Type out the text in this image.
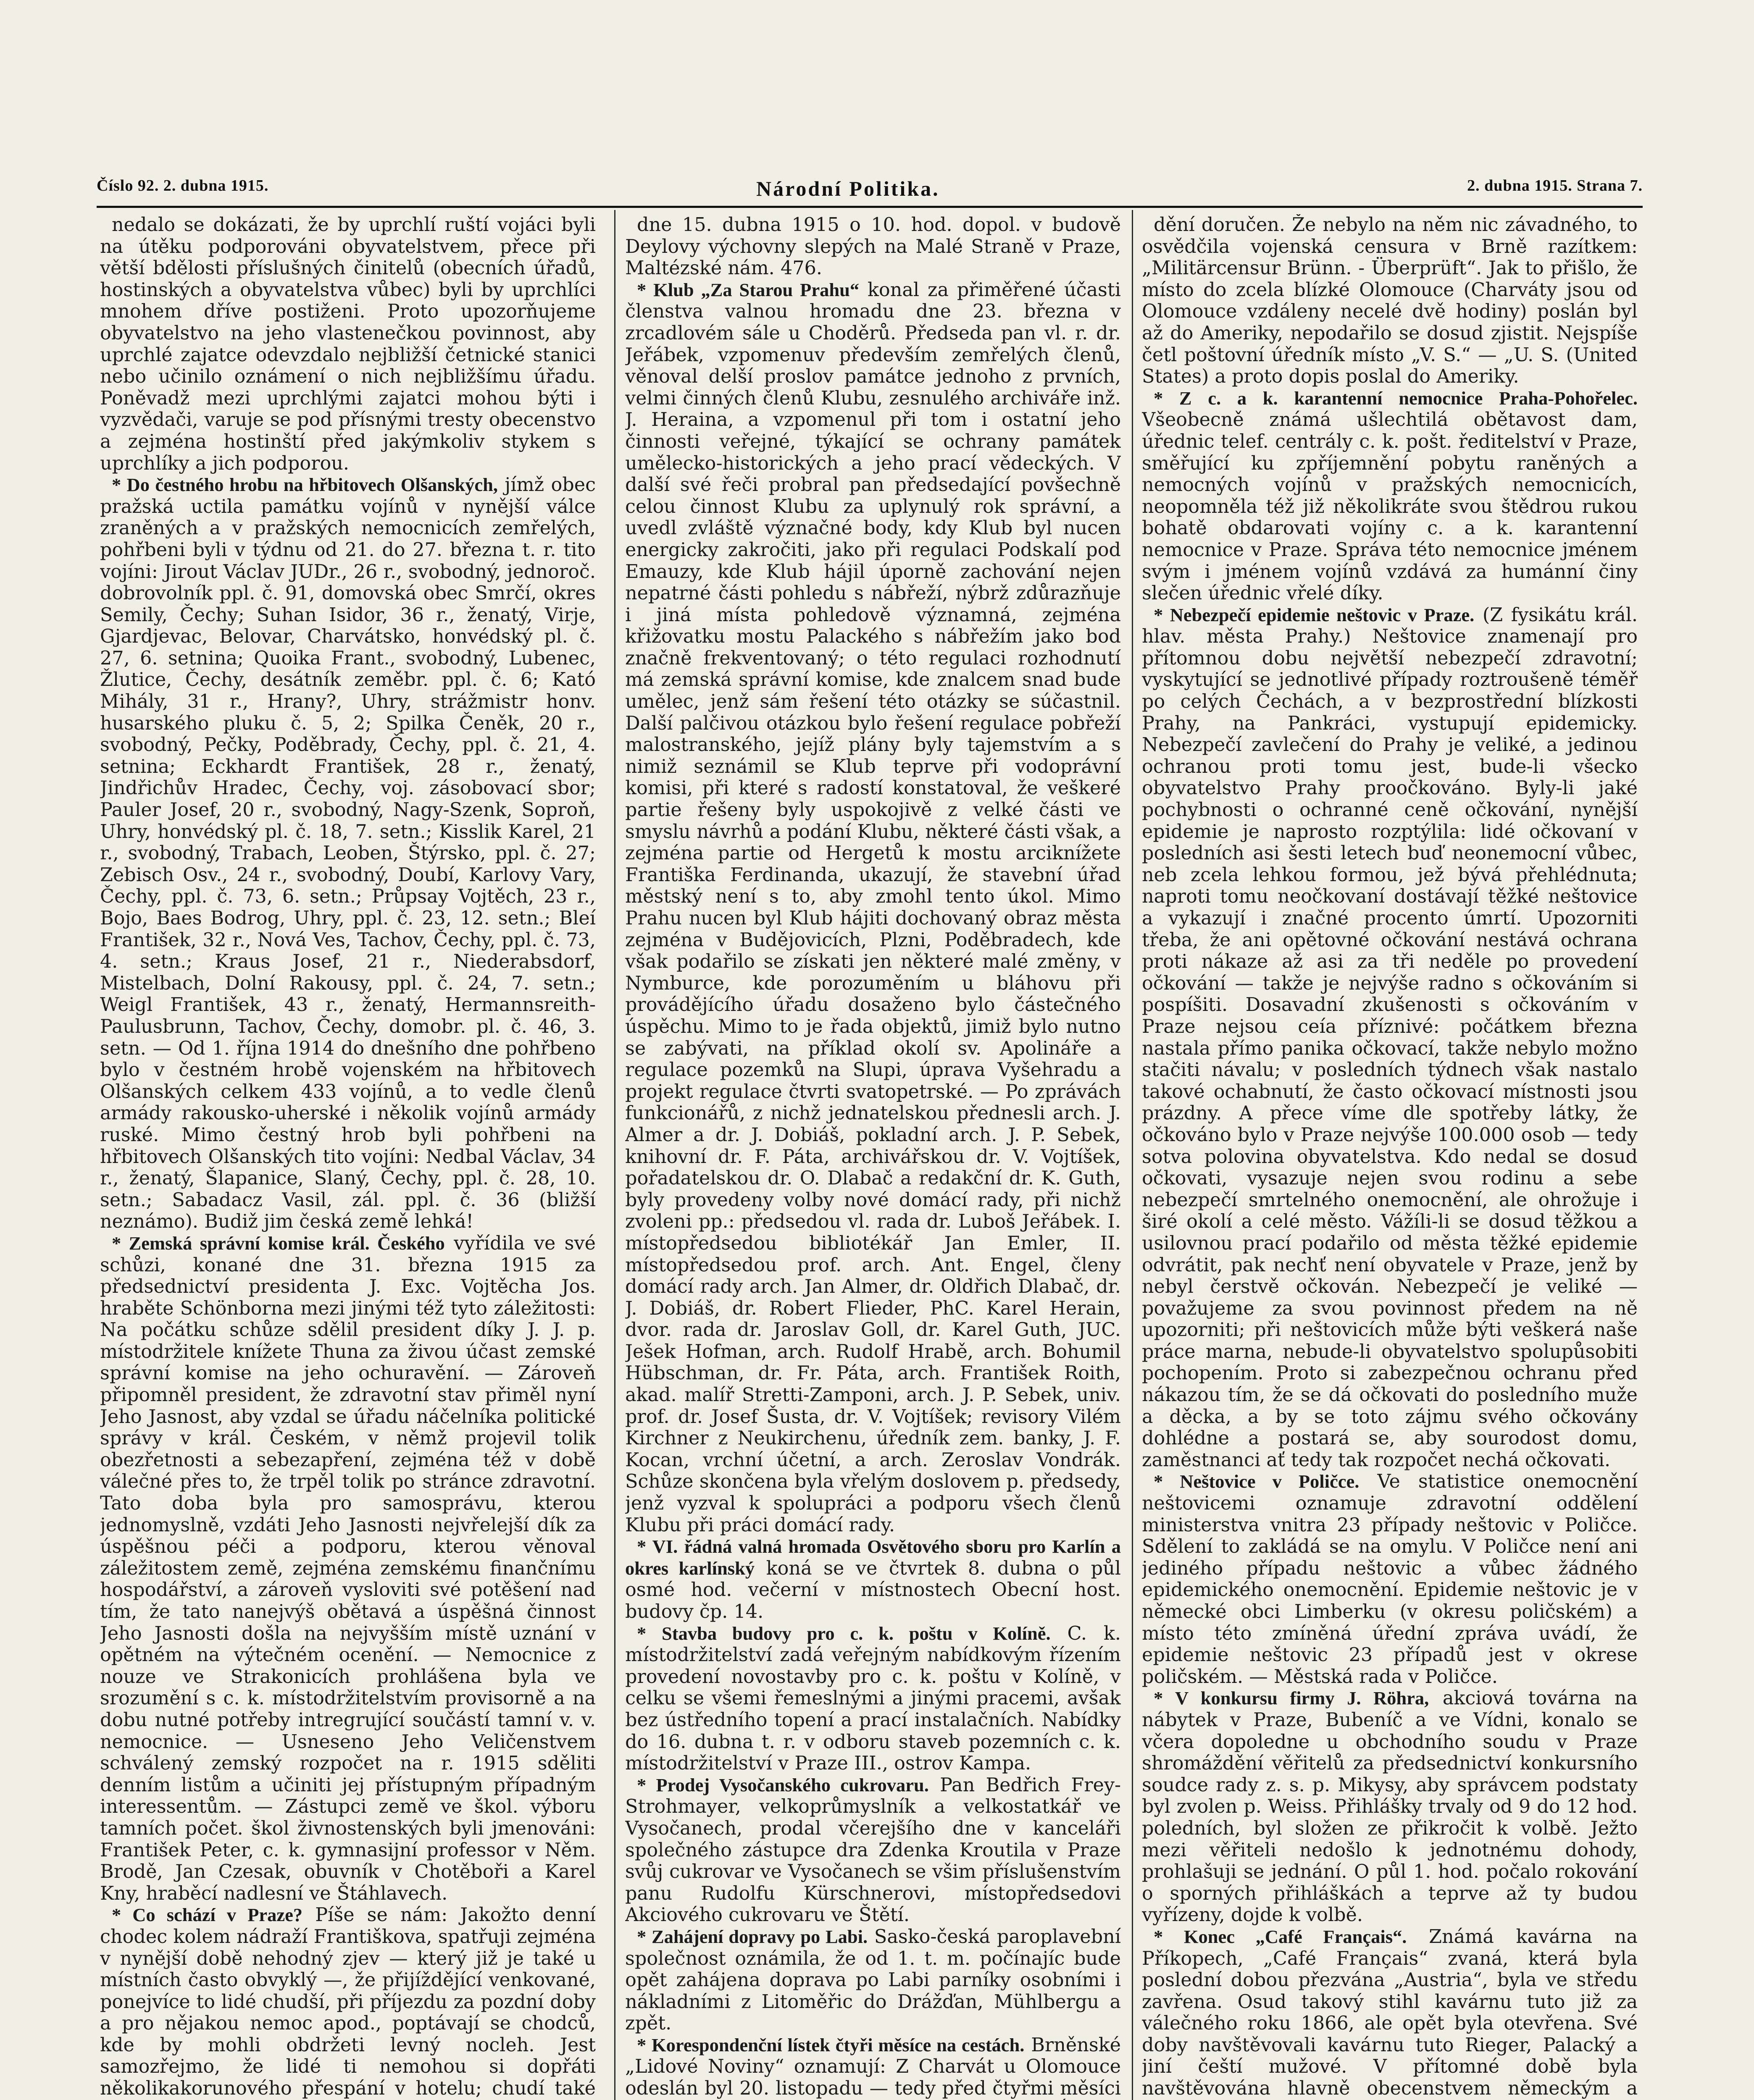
Číslo 92. 2. dubna 1915.	Národní Politika.	2. dubna 1915. Strana 7.

nedalo se dokázati, že by uprchlí ruští vojáci byli na útěku podporováni obyvatelstvem, přece při větší bdělosti příslušných činitelů (obecních úřadů, hostinských a obyvatelstva vůbec) byli by uprchlíci mnohem dříve postiženi. Proto upozorňujeme obyvatelstvo na jeho vlastenečkou povinnost, aby uprchlé zajatce odevzdalo nejbližší četnické stanici nebo učinilo oznámení o nich nejbližšímu úřadu. Poněvadž mezi uprchlými zajatci mohou býti i vyzvědači, varuje se pod přísnými tresty obecenstvo a zejména hostinští před jakýmkoliv stykem s uprchlíky a jich podporou.

* Do čestného hrobu na hřbitovech Olšanských, jímž obec pražská uctila památku vojínů v nynější válce zraněných a v pražských nemocnicích zemřelých, pohřbeni byli v týdnu od 21. do 27. března t. r. tito vojíni: Jirout Václav JUDr., 26 r., svobodný, jednoroč. dobrovolník ppl. č. 91, domovská obec Smrčí, okres Semily, Čechy; Suhan Isidor, 36 r., ženatý, Virje, Gjardjevac, Belovar, Charvátsko, honvédský pl. č. 27, 6. setnina; Quoika Frant., svobodný, Lubenec, Žlutice, Čechy, desátník zeměbr. ppl. č. 6; Kató Mihály, 31 r., Hrany?, Uhry, strážmistr honv. husarského pluku č. 5, 2; Spilka Čeněk, 20 r., svobodný, Pečky, Poděbrady, Čechy, ppl. č. 21, 4. setnina; Eckhardt František, 28 r., ženatý, Jindřichův Hradec, Čechy, voj. zásobovací sbor; Pauler Josef, 20 r., svobodný, Nagy-Szenk, Soproň, Uhry, honvédský pl. č. 18, 7. setn.; Kisslik Karel, 21 r., svobodný, Trabach, Leoben, Štýrsko, ppl. č. 27; Zebisch Osv., 24 r., svobodný, Doubí, Karlovy Vary, Čechy, ppl. č. 73, 6. setn.; Průpsay Vojtěch, 23 r., Bojo, Baes Bodrog, Uhry, ppl. č. 23, 12. setn.; Bleí František, 32 r., Nová Ves, Tachov, Čechy, ppl. č. 73, 4. setn.; Kraus Josef, 21 r., Niederabsdorf, Mistelbach, Dolní Rakousy, ppl. č. 24, 7. setn.; Weigl František, 43 r., ženatý, Hermannsreith-Paulusbrunn, Tachov, Čechy, domobr. pl. č. 46, 3. setn. — Od 1. října 1914 do dnešního dne pohřbeno bylo v čestném hrobě vojenském na hřbitovech Olšanských celkem 433 vojínů, a to vedle členů armády rakousko-uherské i několik vojínů armády ruské. Mimo čestný hrob byli pohřbeni na hřbitovech Olšanských tito vojíni: Nedbal Václav, 34 r., ženatý, Šlapanice, Slaný, Čechy, ppl. č. 28, 10. setn.; Sabadacz Vasil, zál. ppl. č. 36 (bližší neznámo). Budiž jim česká země lehká!

* Zemská správní komise král. Českého vyřídila ve své schůzi, konané dne 31. března 1915 za předsednictví presidenta J. Exc. Vojtěcha Jos. hraběte Schönborna mezi jinými též tyto záležitosti: Na počátku schůze sdělil president díky J. J. p. místodržitele knížete Thuna za živou účast zemské správní komise na jeho ochuravění. — Zároveň připomněl president, že zdravotní stav přiměl nyní Jeho Jasnost, aby vzdal se úřadu náčelníka politické správy v král. Českém, v němž projevil tolik obezřetnosti a sebezapření, zejména též v době válečné přes to, že trpěl tolik po stránce zdravotní. Tato doba byla pro samosprávu, kterou jednomyslně, vzdáti Jeho Jasnosti nejvřelejší dík za úspěšnou péči a podporu, kterou věnoval záležitostem země, zejména zemskému finančnímu hospodářství, a zároveň vysloviti své potěšení nad tím, že tato nanejvýš obětavá a úspěšná činnost Jeho Jasnosti došla na nejvyšším místě uznání v opětném na výtečném ocenění. — Nemocnice z nouze ve Strakonicích prohlášena byla ve srozumění s c. k. místodržitelstvím provisorně a na dobu nutné potřeby intregrující součástí tamní v. v. nemocnice. — Usneseno Jeho Veličenstvem schválený zemský rozpočet na r. 1915 sděliti denním listům a učiniti jej přístupným případným interessentům. — Zástupci země ve škol. výboru tamních počet. škol živnostenských byli jmenováni: František Peter, c. k. gymnasijní professor v Něm. Brodě, Jan Czesak, obuvník v Chotěboři a Karel Kny, hraběcí nadlesní ve Štáhlavech.

* Co schází v Praze? Píše se nám: Jakožto denní chodec kolem nádraží Františkova, spatřuji zejména v nynější době nehodný zjev — který již je také u místních často obvyklý —, že přijíždějící venkované, ponejvíce to lidé chudší, při příjezdu za pozdní doby a pro nějakou nemoc apod., poptávají se chodců, kde by mohli obdržeti levný nocleh. Jest samozřejmo, že lidé ti nemohou si dopřáti několikakorunového přespání v hotelu; chudí také

dne 15. dubna 1915 o 10. hod. dopol. v budově Deylovy výchovny slepých na Malé Straně v Praze, Maltézské nám. 476.

* Klub „Za Starou Prahu“ konal za přiměřené účasti členstva valnou hromadu dne 23. března v zrcadlovém sále u Choděrů. Předseda pan vl. r. dr. Jeřábek, vzpomenuv především zemřelých členů, věnoval delší proslov památce jednoho z prvních, velmi činných členů Klubu, zesnulého archiváře inž. J. Herainа, a vzpomenul při tom i ostatní jeho činnosti veřejné, týkající se ochrany památek umělecko-historických a jeho prací vědeckých. V další své řeči probral pan předsedající povšechně celou činnost Klubu za uplynulý rok správní, a uvedl zvláště význačné body, kdy Klub byl nucen energicky zakročiti, jako při regulaci Podskalí pod Emauzy, kde Klub hájil úporně zachování nejen nepatrné části pohledu s nábřeží, nýbrž zdůrazňuje i jiná místa pohledově významná, zejména křižovatku mostu Palackého s nábřežím jako bod značně frekventovaný; o této regulaci rozhodnutí má zemská správní komise, kde znalcem snad bude umělec, jenž sám řešení této otázky se súčastnil. Další palčivou otázkou bylo řešení regulace pobřeží malostranského, jejíž plány byly tajemstvím a s nimiž seznámil se Klub teprve při vodoprávní komisi, při které s radostí konstatoval, že veškeré partie řešeny byly uspokojivě z velké části ve smyslu návrhů a podání Klubu, některé části však, a zejména partie od Hergetů k mostu arciknížete Františka Ferdinanda, ukazují, že stavební úřad městský není s to, aby zmohl tento úkol. Mimo Prahu nucen byl Klub hájiti dochovaný obraz města zejména v Budějovicích, Plzni, Poděbradech, kde však podařilo se získati jen některé malé změny, v Nymburce, kde porozuměním u bláhovu při provádějícího úřadu dosaženo bylo částečného úspěchu. Mimo to je řada objektů, jimiž bylo nutno se zabývati, na příklad okolí sv. Apolináře a regulace pozemků na Slupi, úprava Vyšehradu a projekt regulace čtvrti svatopetrské. — Po zprávách funkcionářů, z nichž jednatelskou přednesli arch. J. Almer a dr. J. Dobiáš, pokladní arch. J. P. Sebek, knihovní dr. F. Páta, archivářskou dr. V. Vojtíšek, pořadatelskou dr. O. Dlabač a redakční dr. K. Guth, byly provedeny volby nové domácí rady, při nichž zvoleni pp.: předsedou vl. rada dr. Luboš Jeřábek. I. místopředsedou bibliotékář Jan Emler, II. místopředsedou prof. arch. Ant. Engel, členy domácí rady arch. Jan Almer, dr. Oldřich Dlabač, dr. J. Dobiáš, dr. Robert Flieder, PhC. Karel Herain, dvor. rada dr. Jaroslav Goll, dr. Karel Guth, JUC. Ješek Hofman, arch. Rudolf Hrabě, arch. Bohumil Hübschman, dr. Fr. Páta, arch. František Roith, akad. malíř Stretti-Zamponi, arch. J. P. Sebek, univ. prof. dr. Josef Šusta, dr. V. Vojtíšek; revisory Vilém Kirchner z Neukirchenu, úředník zem. banky, J. F. Kocan, vrchní účetní, a arch. Zeroslav Vondrák. Schůze skončena byla vřelým doslovem p. předsedy, jenž vyzval k spolupráci a podporu všech členů Klubu při práci domácí rady.

* VI. řádná valná hromada Osvětového sboru pro Karlín a okres karlínský koná se ve čtvrtek 8. dubna o půl osmé hod. večerní v místnostech Obecní host. budovy čp. 14.

* Stavba budovy pro c. k. poštu v Kolíně. C. k. místodržitelství zadá veřejným nabídkovým řízením provedení novostavby pro c. k. poštu v Kolíně, v celku se všemi řemeslnými a jinými pracemi, avšak bez ústředního topení a prací instalačních. Nabídky do 16. dubna t. r. v odboru staveb pozemních c. k. místodržitelství v Praze III., ostrov Kampa.

* Prodej Vysočanského cukrovaru. Pan Bedřich Frey-Strohmayer, velkoprůmyslník a velkostatkář ve Vysočanech, prodal včerejšího dne v kanceláři společného zástupce dra Zdenka Kroutila v Praze svůj cukrovar ve Vysočanech se všim příslušenstvím panu Rudolfu Kürschnerovi, místopředsedovi Akciového cukrovaru ve Štětí.

* Zahájení dopravy po Labi. Sasko-česká paroplavební společnost oznámila, že od 1. t. m. počínajíc bude opět zahájena doprava po Labi parníky osobními i nákladními z Litoměřic do Drážďan, Mühlbergu a zpět.

* Korespondenční lístek čtyři měsíce na cestách. Brněnské „Lidové Noviny“ oznamují: Z Charvát u Olomouce odeslán byl 20. listopadu — tedy před čtyřmi měsíci

dění doručen. Že nebylo na něm nic závadného, to osvědčila vojenská censura v Brně razítkem: „Militärcensur Brünn. - Überprüft“. Jak to přišlo, že místo do zcela blízké Olomouce (Charváty jsou od Olomouce vzdáleny necelé dvě hodiny) poslán byl až do Ameriky, nepodařilo se dosud zjistit. Nejspíše četl poštovní úředník místo „V. S.“ — „U. S. (United States) a proto dopis poslal do Ameriky.

* Z c. a k. karantenní nemocnice Praha-Pohořelec. Všeobecně známá ušlechtilá obětavost dam, úřednic telef. centrály c. k. pošt. ředitelství v Praze, směřující ku zpříjemnění pobytu raněných a nemocných vojínů v pražských nemocnicích, neopomněla též již několikráte svou štědrou rukou bohatě obdarovati vojíny c. a k. karantenní nemocnice v Praze. Správa této nemocnice jménem svým i jménem vojínů vzdává za humánní činy slečen úřednic vřelé díky.

* Nebezpečí epidemie neštovic v Praze. (Z fysikátu král. hlav. města Prahy.) Neštovice znamenají pro přítomnou dobu největší nebezpečí zdravotní; vyskytující se jednotlivé případy roztroušeně téměř po celých Čechách, a v bezprostřední blízkosti Prahy, na Pankráci, vystupují epidemicky. Nebezpečí zavlečení do Prahy je veliké, a jedinou ochranou proti tomu jest, bude-li všecko obyvatelstvo Prahy proočkováno. Byly-li jaké pochybnosti o ochranné ceně očkování, nynější epidemie je naprosto rozptýlila: lidé očkovaní v posledních asi šesti letech buď neonemocní vůbec, neb zcela lehkou formou, jež bývá přehlédnuta; naproti tomu neočkovaní dostávají těžké neštovice a vykazují i značné procento úmrtí. Upozorniti třeba, že ani opětovné očkování nestává ochrana proti nákaze až asi za tři neděle po provedení očkování — takže je nejvýše radno s očkováním si pospíšiti. Dosavadní zkušenosti s očkováním v Praze nejsou ceía příznivé: počátkem března nastala přímo panika očkovací, takže nebylo možno stačiti návalu; v posledních týdnech však nastalo takové ochabnutí, že často očkovací místnosti jsou prázdny. A přece víme dle spotřeby látky, že očkováno bylo v Praze nejvýše 100.000 osob — tedy sotva polovina obyvatelstva. Kdo nedal se dosud očkovati, vysazuje nejen svou rodinu a sebe nebezpečí smrtelného onemocnění, ale ohrožuje i širé okolí a celé město. Vážíli-li se dosud těžkou a usilovnou prací podařilo od města těžké epidemie odvrátit, pak nechť není obyvatele v Praze, jenž by nebyl čerstvě očkován. Nebezpečí je veliké — považujeme za svou povinnost předem na ně upozorniti; při neštovicích může býti veškerá naše práce marna, nebude-li obyvatelstvo spolupůsobiti pochopením. Proto si zabezpečnou ochranu před nákazou tím, že se dá očkovati do posledního muže a děcka, a by se toto zájmu svého očkovány dohlédne a postará se, aby sourodost domu, zaměstnanci ať tedy tak rozpočet nechá očkovati.

* Neštovice v Poličce. Ve statistice onemocnění neštovicemi oznamuje zdravotní oddělení ministerstva vnitra 23 případy neštovic v Poličce. Sdělení to zakládá se na omylu. V Poličce není ani jediného případu neštovic a vůbec žádného epidemického onemocnění. Epidemie neštovic je v německé obci Limberku (v okresu poličském) a místo této zmíněná úřední zpráva uvádí, že epidemie neštovic 23 případů jest v okrese poličském. — Městská rada v Poličce.

* V konkursu firmy J. Röhra, akciová továrna na nábytek v Praze, Bubeníč a ve Vídni, konalo se včera dopoledne u obchodního soudu v Praze shromáždění věřitelů za předsednictví konkursního soudce rady z. s. p. Mikysy, aby správcem podstaty byl zvolen p. Weiss. Přihlášky trvaly od 9 do 12 hod. poledních, byl složen ze přikročit k volbě. Ježto mezi věřiteli nedošlo k jednotnému dohody, prohlašuji se jednání. O půl 1. hod. počalo rokování o sporných přihláškách a teprve až ty budou vyřízeny, dojde k volbě.

* Konec „Café Français“. Známá kavárna na Příkopech, „Café Français“ zvaná, která byla poslední dobou přezvána „Austria“, byla ve středu zavřena. Osud takový stihl kavárnu tuto již za válečného roku 1866, ale opět byla otevřena. Své doby navštěvovali kavárnu tuto Rieger, Palacký a jiní čeští mužové. V přítomné době byla navštěvována hlavně obecenstvem německým a
